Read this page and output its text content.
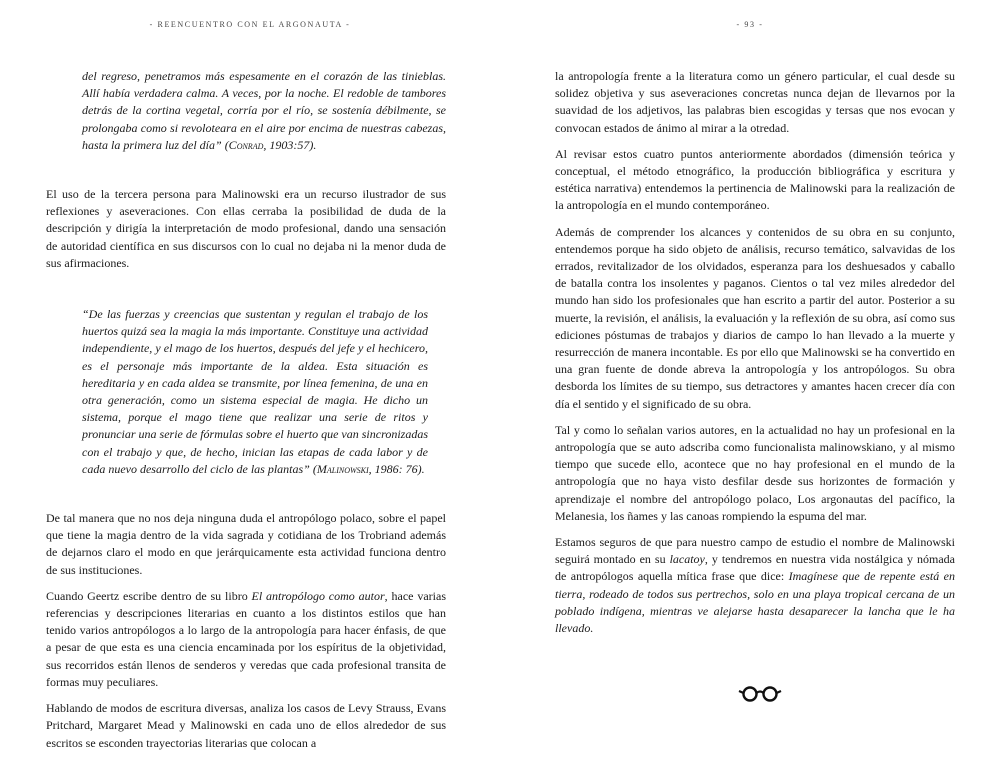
- REENCUENTRO CON EL ARGONAUTA -

del regreso, penetramos más espesamente en el corazón de las tinieblas. Allí había verdadera calma. A veces, por la noche. El redoble de tambores detrás de la cortina vegetal, corría por el río, se sostenía débilmente, se prolongaba como si revoloteara en el aire por encima de nuestras cabezas, hasta la primera luz del día” (Conrad, 1903:57).

El uso de la tercera persona para Malinowski era un recurso ilustrador de sus reflexiones y aseveraciones. Con ellas cerraba la posibilidad de duda de la descripción y dirigía la interpretación de modo profesional, dando una sensación de autoridad científica en sus discursos con lo cual no dejaba ni la menor duda de sus afirmaciones.

“De las fuerzas y creencias que sustentan y regulan el trabajo de los huertos quizá sea la magia la más importante. Constituye una actividad independiente, y el mago de los huertos, después del jefe y el hechicero, es el personaje más importante de la aldea. Esta situación es hereditaria y en cada aldea se transmite, por línea femenina, de una en otra generación, como un sistema especial de magia. He dicho un sistema, porque el mago tiene que realizar una serie de ritos y pronunciar una serie de fórmulas sobre el huerto que van sincronizadas con el trabajo y que, de hecho, inician las etapas de cada labor y de cada nuevo desarrollo del ciclo de las plantas” (Malinowski, 1986: 76).

De tal manera que no nos deja ninguna duda el antropólogo polaco, sobre el papel que tiene la magia dentro de la vida sagrada y cotidiana de los Trobriand además de dejarnos claro el modo en que jerárquicamente esta actividad funciona dentro de sus instituciones.

Cuando Geertz escribe dentro de su libro El antropólogo como autor, hace varias referencias y descripciones literarias en cuanto a los distintos estilos que han tenido varios antropólogos a lo largo de la antropología para hacer énfasis, de que a pesar de que esta es una ciencia encaminada por los espíritus de la objetividad, sus recorridos están llenos de senderos y veredas que cada profesional transita de formas muy peculiares.

Hablando de modos de escritura diversas, analiza los casos de Levy Strauss, Evans Pritchard, Margaret Mead y Malinowski en cada uno de ellos alrededor de sus escritos se esconden trayectorias literarias que colocan a

- 93 -

la antropología frente a la literatura como un género particular, el cual desde su solidez objetiva y sus aseveraciones concretas nunca dejan de llevarnos por la suavidad de los adjetivos, las palabras bien escogidas y tersas que nos evocan y convocan estados de ánimo al mirar a la otredad.

Al revisar estos cuatro puntos anteriormente abordados (dimensión teórica y conceptual, el método etnográfico, la producción bibliográfica y escritura y estética narrativa) entendemos la pertinencia de Malinowski para la realización de la antropología en el mundo contemporáneo.

Además de comprender los alcances y contenidos de su obra en su conjunto, entendemos porque ha sido objeto de análisis, recurso temático, salvavidas de los errados, revitalizador de los olvidados, esperanza para los deshuesados y caballo de batalla contra los insolentes y paganos. Cientos o tal vez miles alrededor del mundo han sido los profesionales que han escrito a partir del autor. Posterior a su muerte, la revisión, el análisis, la evaluación y la reflexión de su obra, así como sus ediciones póstumas de trabajos y diarios de campo lo han llevado a la muerte y resurrección de manera incontable. Es por ello que Malinowski se ha convertido en una gran fuente de donde abreva la antropología y los antropólogos. Su obra desborda los límites de su tiempo, sus detractores y amantes hacen crecer día con día el sentido y el significado de su obra.

Tal y como lo señalan varios autores, en la actualidad no hay un profesional en la antropología que se auto adscriba como funcionalista malinowskiano, y al mismo tiempo que sucede ello, acontece que no hay profesional en el mundo de la antropología que no haya visto desfilar desde sus horizontes de formación y aprendizaje el nombre del antropólogo polaco, Los argonautas del pacífico, la Melanesia, los ñames y las canoas rompiendo la espuma del mar.

Estamos seguros de que para nuestro campo de estudio el nombre de Malinowski seguirá montado en su lacatoy, y tendremos en nuestra vida nostálgica y nómada de antropólogos aquella mítica frase que dice: Imagínese que de repente está en tierra, rodeado de todos sus pertrechos, solo en una playa tropical cercana de un poblado indígena, mientras ve alejarse hasta desaparecer la lancha que le ha llevado.
